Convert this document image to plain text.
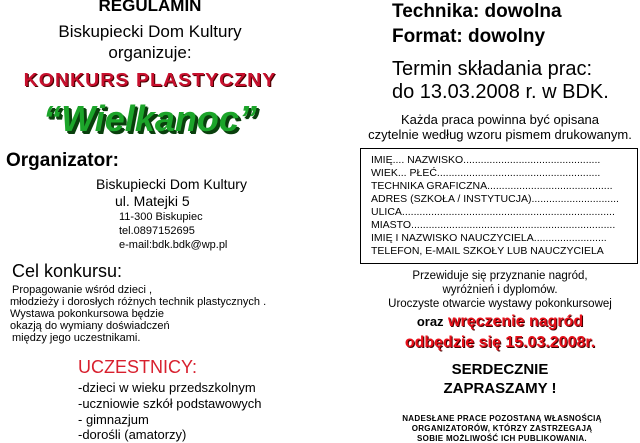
REGULAMIN
Biskupiecki Dom Kultury
organizuje:
KONKURS PLASTYCZNY
“Wielkanoc”
Organizator:
Biskupiecki Dom Kultury
ul. Matejki 5
11-300 Biskupiec
tel.0897152695
e-mail:bdk.bdk@wp.pl
Cel konkursu:
Propagowanie wśród dzieci ,
młodzieży i dorosłych różnych technik plastycznych .
Wystawa pokonkursowa będzie
okazją do wymiany doświadczeń
między jego uczestnikami.
UCZESTNICY:
-dzieci w wieku przedszkolnym
-uczniowie szkół podstawowych
- gimnazjum
-dorośli (amatorzy)
Technika: dowolna
Format: dowolny
Termin składania prac:
do 13.03.2008 r. w BDK.
Każda praca powinna być opisana
czytelnie według wzoru pismem drukowanym.
IMIĘ.... NAZWISKO...............................................
WIEK... PŁEĆ........................................................
TECHNIKA GRAFICZNA...........................................
ADRES (SZKOŁA / INSTYTUCJA)..............................
ULICA.........................................................................
MIASTO......................................................................
IMIĘ I NAZWISKO NAUCZYCIELA.........................
TELEFON, E-MAIL SZKOŁY LUB NAUCZYCIELA
Przewiduje się przyznanie nagród,
wyróżnień i dyplomów.
Uroczyste otwarcie wystawy pokonkursowej
oraz wręczenie nagród
odbędzie się 15.03.2008r.
SERDECZNIE
ZAPRASZAMY !
NADESŁANE PRACE POZOSTANĄ WŁASNOŚCIĄ
ORGANIZATORÓW, KTÓRZY ZASTRZEGAJĄ
SOBIE MOŻLIWOŚĆ ICH PUBLIKOWANIA.
